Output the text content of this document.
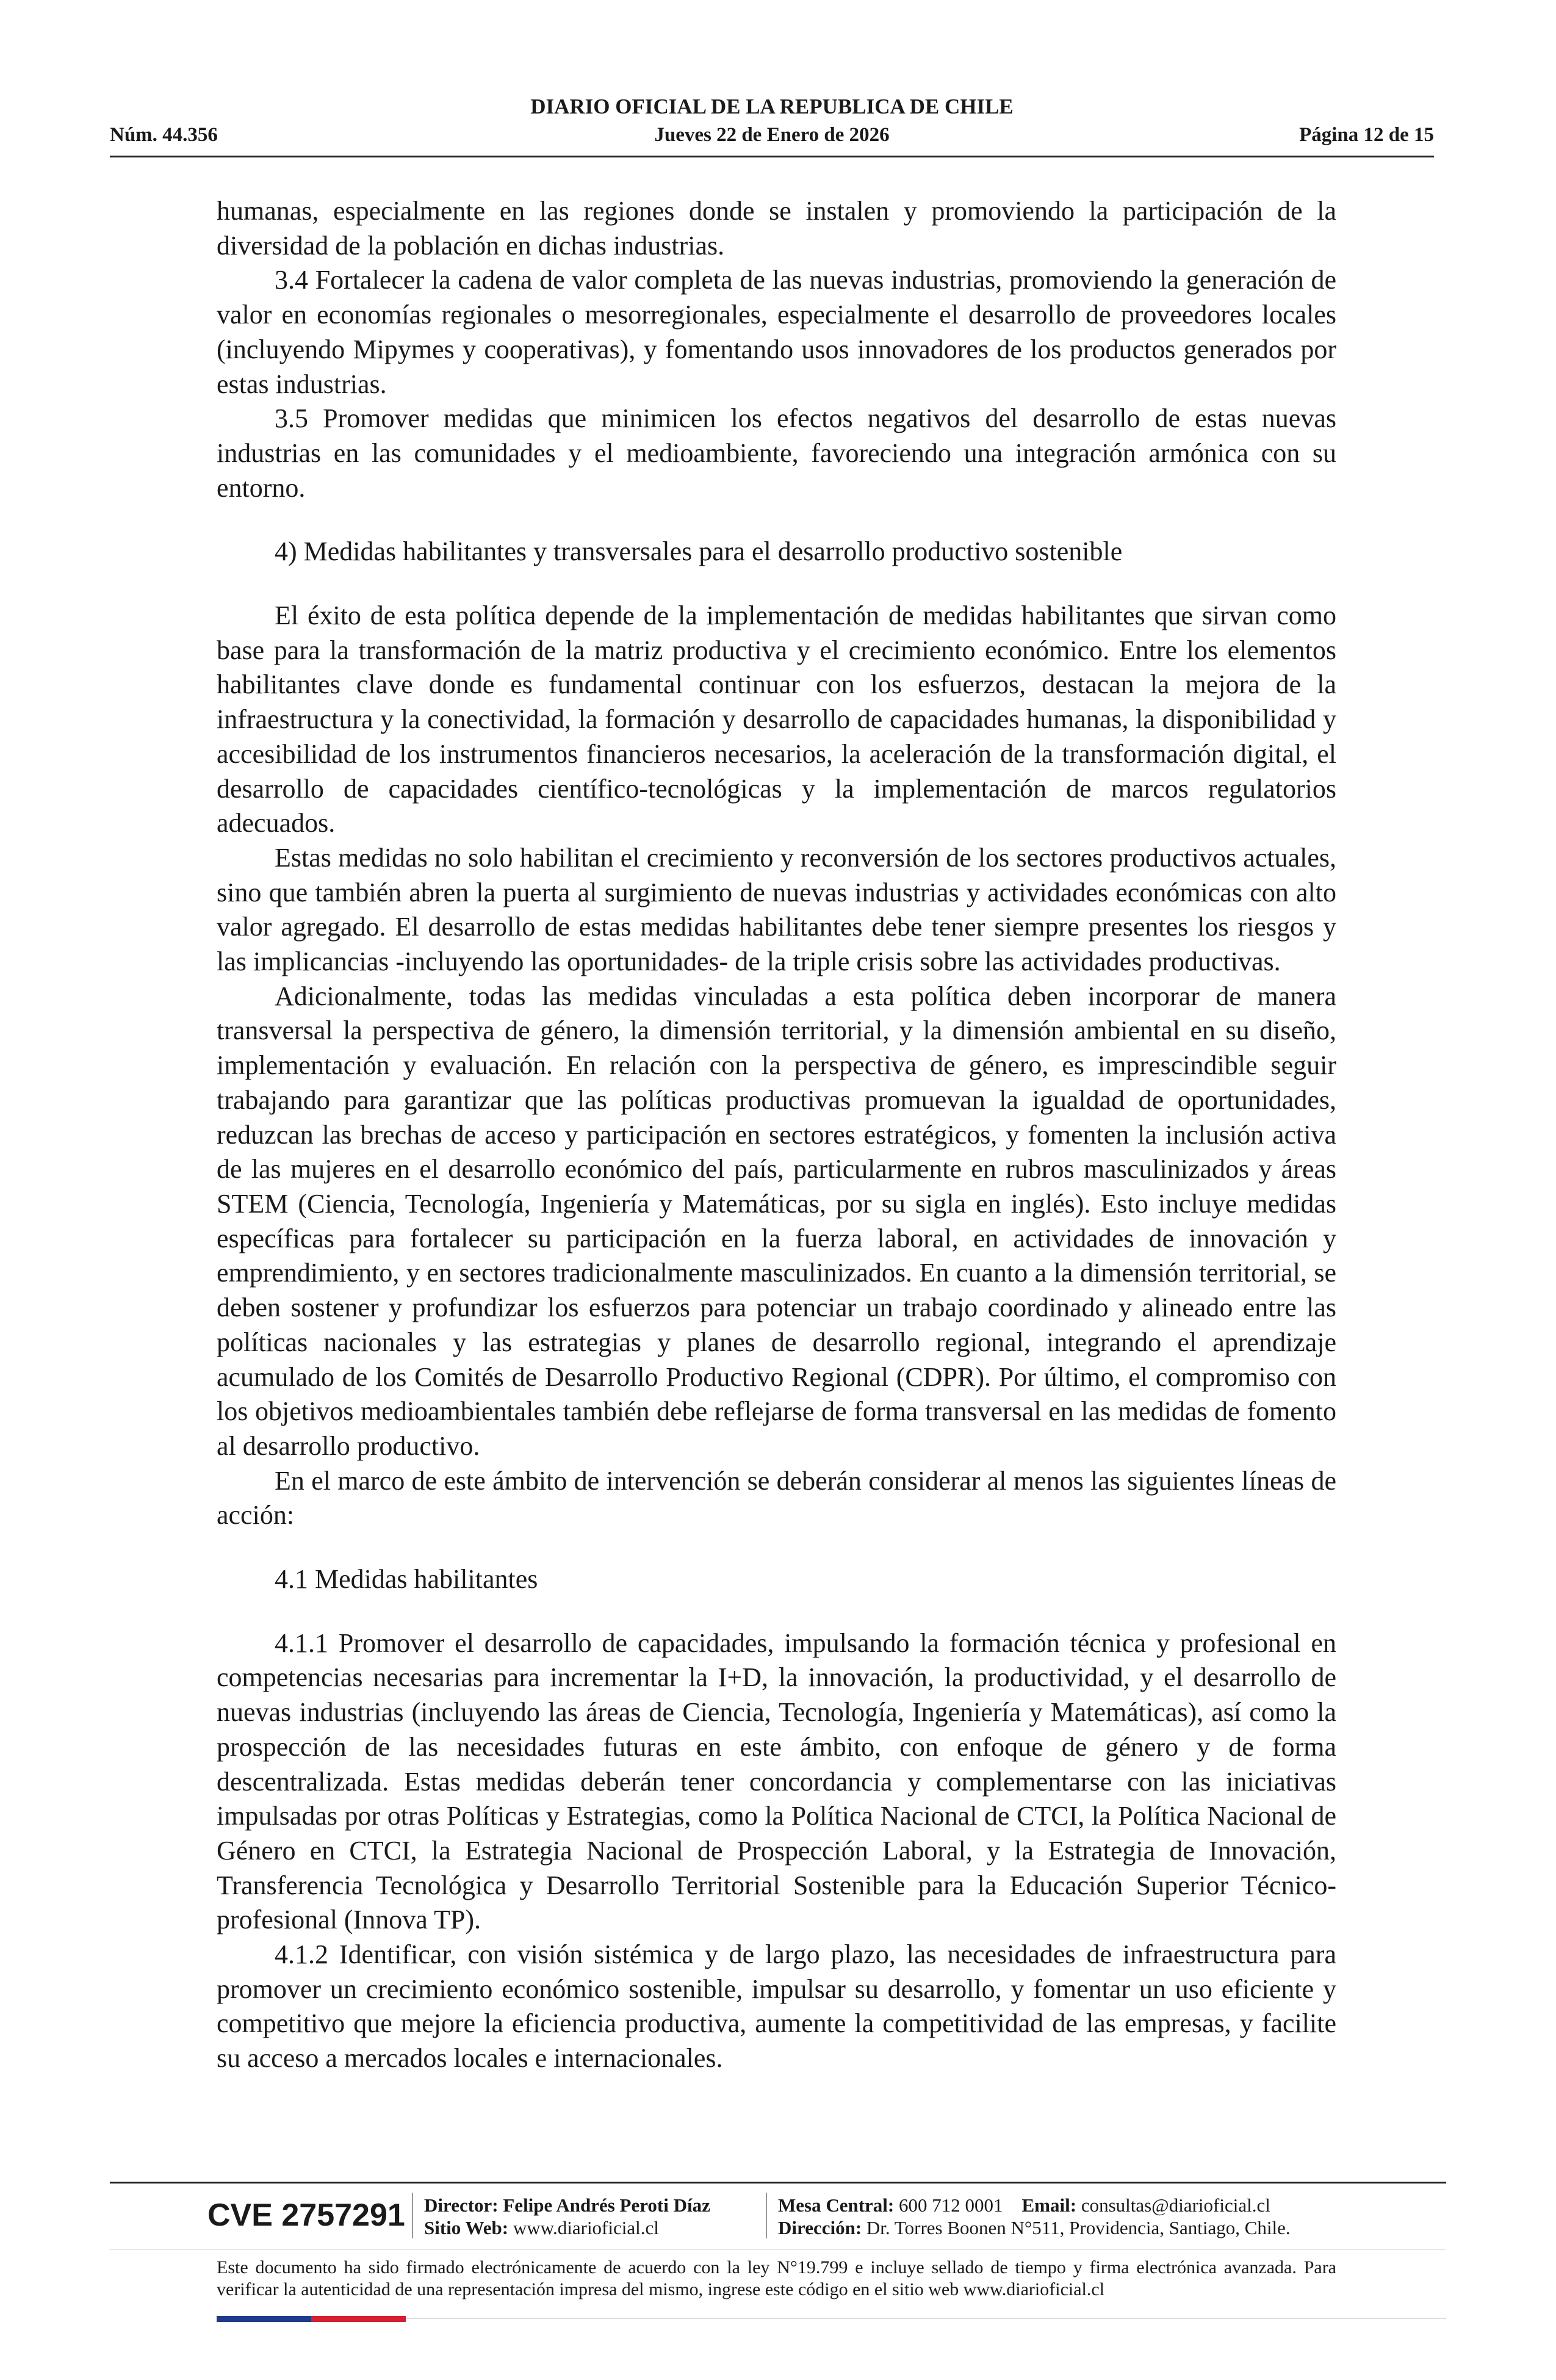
DIARIO OFICIAL DE LA REPUBLICA DE CHILE
Núm. 44.356	Jueves 22 de Enero de 2026	Página 12 de 15

humanas, especialmente en las regiones donde se instalen y promoviendo la participación de la diversidad de la población en dichas industrias.

3.4 Fortalecer la cadena de valor completa de las nuevas industrias, promoviendo la generación de valor en economías regionales o mesorregionales, especialmente el desarrollo de proveedores locales (incluyendo Mipymes y cooperativas), y fomentando usos innovadores de los productos generados por estas industrias.

3.5 Promover medidas que minimicen los efectos negativos del desarrollo de estas nuevas industrias en las comunidades y el medioambiente, favoreciendo una integración armónica con su entorno.

4) Medidas habilitantes y transversales para el desarrollo productivo sostenible

El éxito de esta política depende de la implementación de medidas habilitantes que sirvan como base para la transformación de la matriz productiva y el crecimiento económico. Entre los elementos habilitantes clave donde es fundamental continuar con los esfuerzos, destacan la mejora de la infraestructura y la conectividad, la formación y desarrollo de capacidades humanas, la disponibilidad y accesibilidad de los instrumentos financieros necesarios, la aceleración de la transformación digital, el desarrollo de capacidades científico-tecnológicas y la implementación de marcos regulatorios adecuados.

Estas medidas no solo habilitan el crecimiento y reconversión de los sectores productivos actuales, sino que también abren la puerta al surgimiento de nuevas industrias y actividades económicas con alto valor agregado. El desarrollo de estas medidas habilitantes debe tener siempre presentes los riesgos y las implicancias -incluyendo las oportunidades- de la triple crisis sobre las actividades productivas.

Adicionalmente, todas las medidas vinculadas a esta política deben incorporar de manera transversal la perspectiva de género, la dimensión territorial, y la dimensión ambiental en su diseño, implementación y evaluación. En relación con la perspectiva de género, es imprescindible seguir trabajando para garantizar que las políticas productivas promuevan la igualdad de oportunidades, reduzcan las brechas de acceso y participación en sectores estratégicos, y fomenten la inclusión activa de las mujeres en el desarrollo económico del país, particularmente en rubros masculinizados y áreas STEM (Ciencia, Tecnología, Ingeniería y Matemáticas, por su sigla en inglés). Esto incluye medidas específicas para fortalecer su participación en la fuerza laboral, en actividades de innovación y emprendimiento, y en sectores tradicionalmente masculinizados. En cuanto a la dimensión territorial, se deben sostener y profundizar los esfuerzos para potenciar un trabajo coordinado y alineado entre las políticas nacionales y las estrategias y planes de desarrollo regional, integrando el aprendizaje acumulado de los Comités de Desarrollo Productivo Regional (CDPR). Por último, el compromiso con los objetivos medioambientales también debe reflejarse de forma transversal en las medidas de fomento al desarrollo productivo.

En el marco de este ámbito de intervención se deberán considerar al menos las siguientes líneas de acción:

4.1 Medidas habilitantes

4.1.1 Promover el desarrollo de capacidades, impulsando la formación técnica y profesional en competencias necesarias para incrementar la I+D, la innovación, la productividad, y el desarrollo de nuevas industrias (incluyendo las áreas de Ciencia, Tecnología, Ingeniería y Matemáticas), así como la prospección de las necesidades futuras en este ámbito, con enfoque de género y de forma descentralizada. Estas medidas deberán tener concordancia y complementarse con las iniciativas impulsadas por otras Políticas y Estrategias, como la Política Nacional de CTCI, la Política Nacional de Género en CTCI, la Estrategia Nacional de Prospección Laboral, y la Estrategia de Innovación, Transferencia Tecnológica y Desarrollo Territorial Sostenible para la Educación Superior Técnico-profesional (Innova TP).

4.1.2 Identificar, con visión sistémica y de largo plazo, las necesidades de infraestructura para promover un crecimiento económico sostenible, impulsar su desarrollo, y fomentar un uso eficiente y competitivo que mejore la eficiencia productiva, aumente la competitividad de las empresas, y facilite su acceso a mercados locales e internacionales.

CVE 2757291 Director: Felipe Andrés Peroti Díaz
Sitio Web: www.diarioficial.cl
Mesa Central: 600 712 0001 Email: consultas@diarioficial.cl
Dirección: Dr. Torres Boonen N°511, Providencia, Santiago, Chile.
Este documento ha sido firmado electrónicamente de acuerdo con la ley N°19.799 e incluye sellado de tiempo y firma electrónica avanzada. Para verificar la autenticidad de una representación impresa del mismo, ingrese este código en el sitio web www.diarioficial.cl
